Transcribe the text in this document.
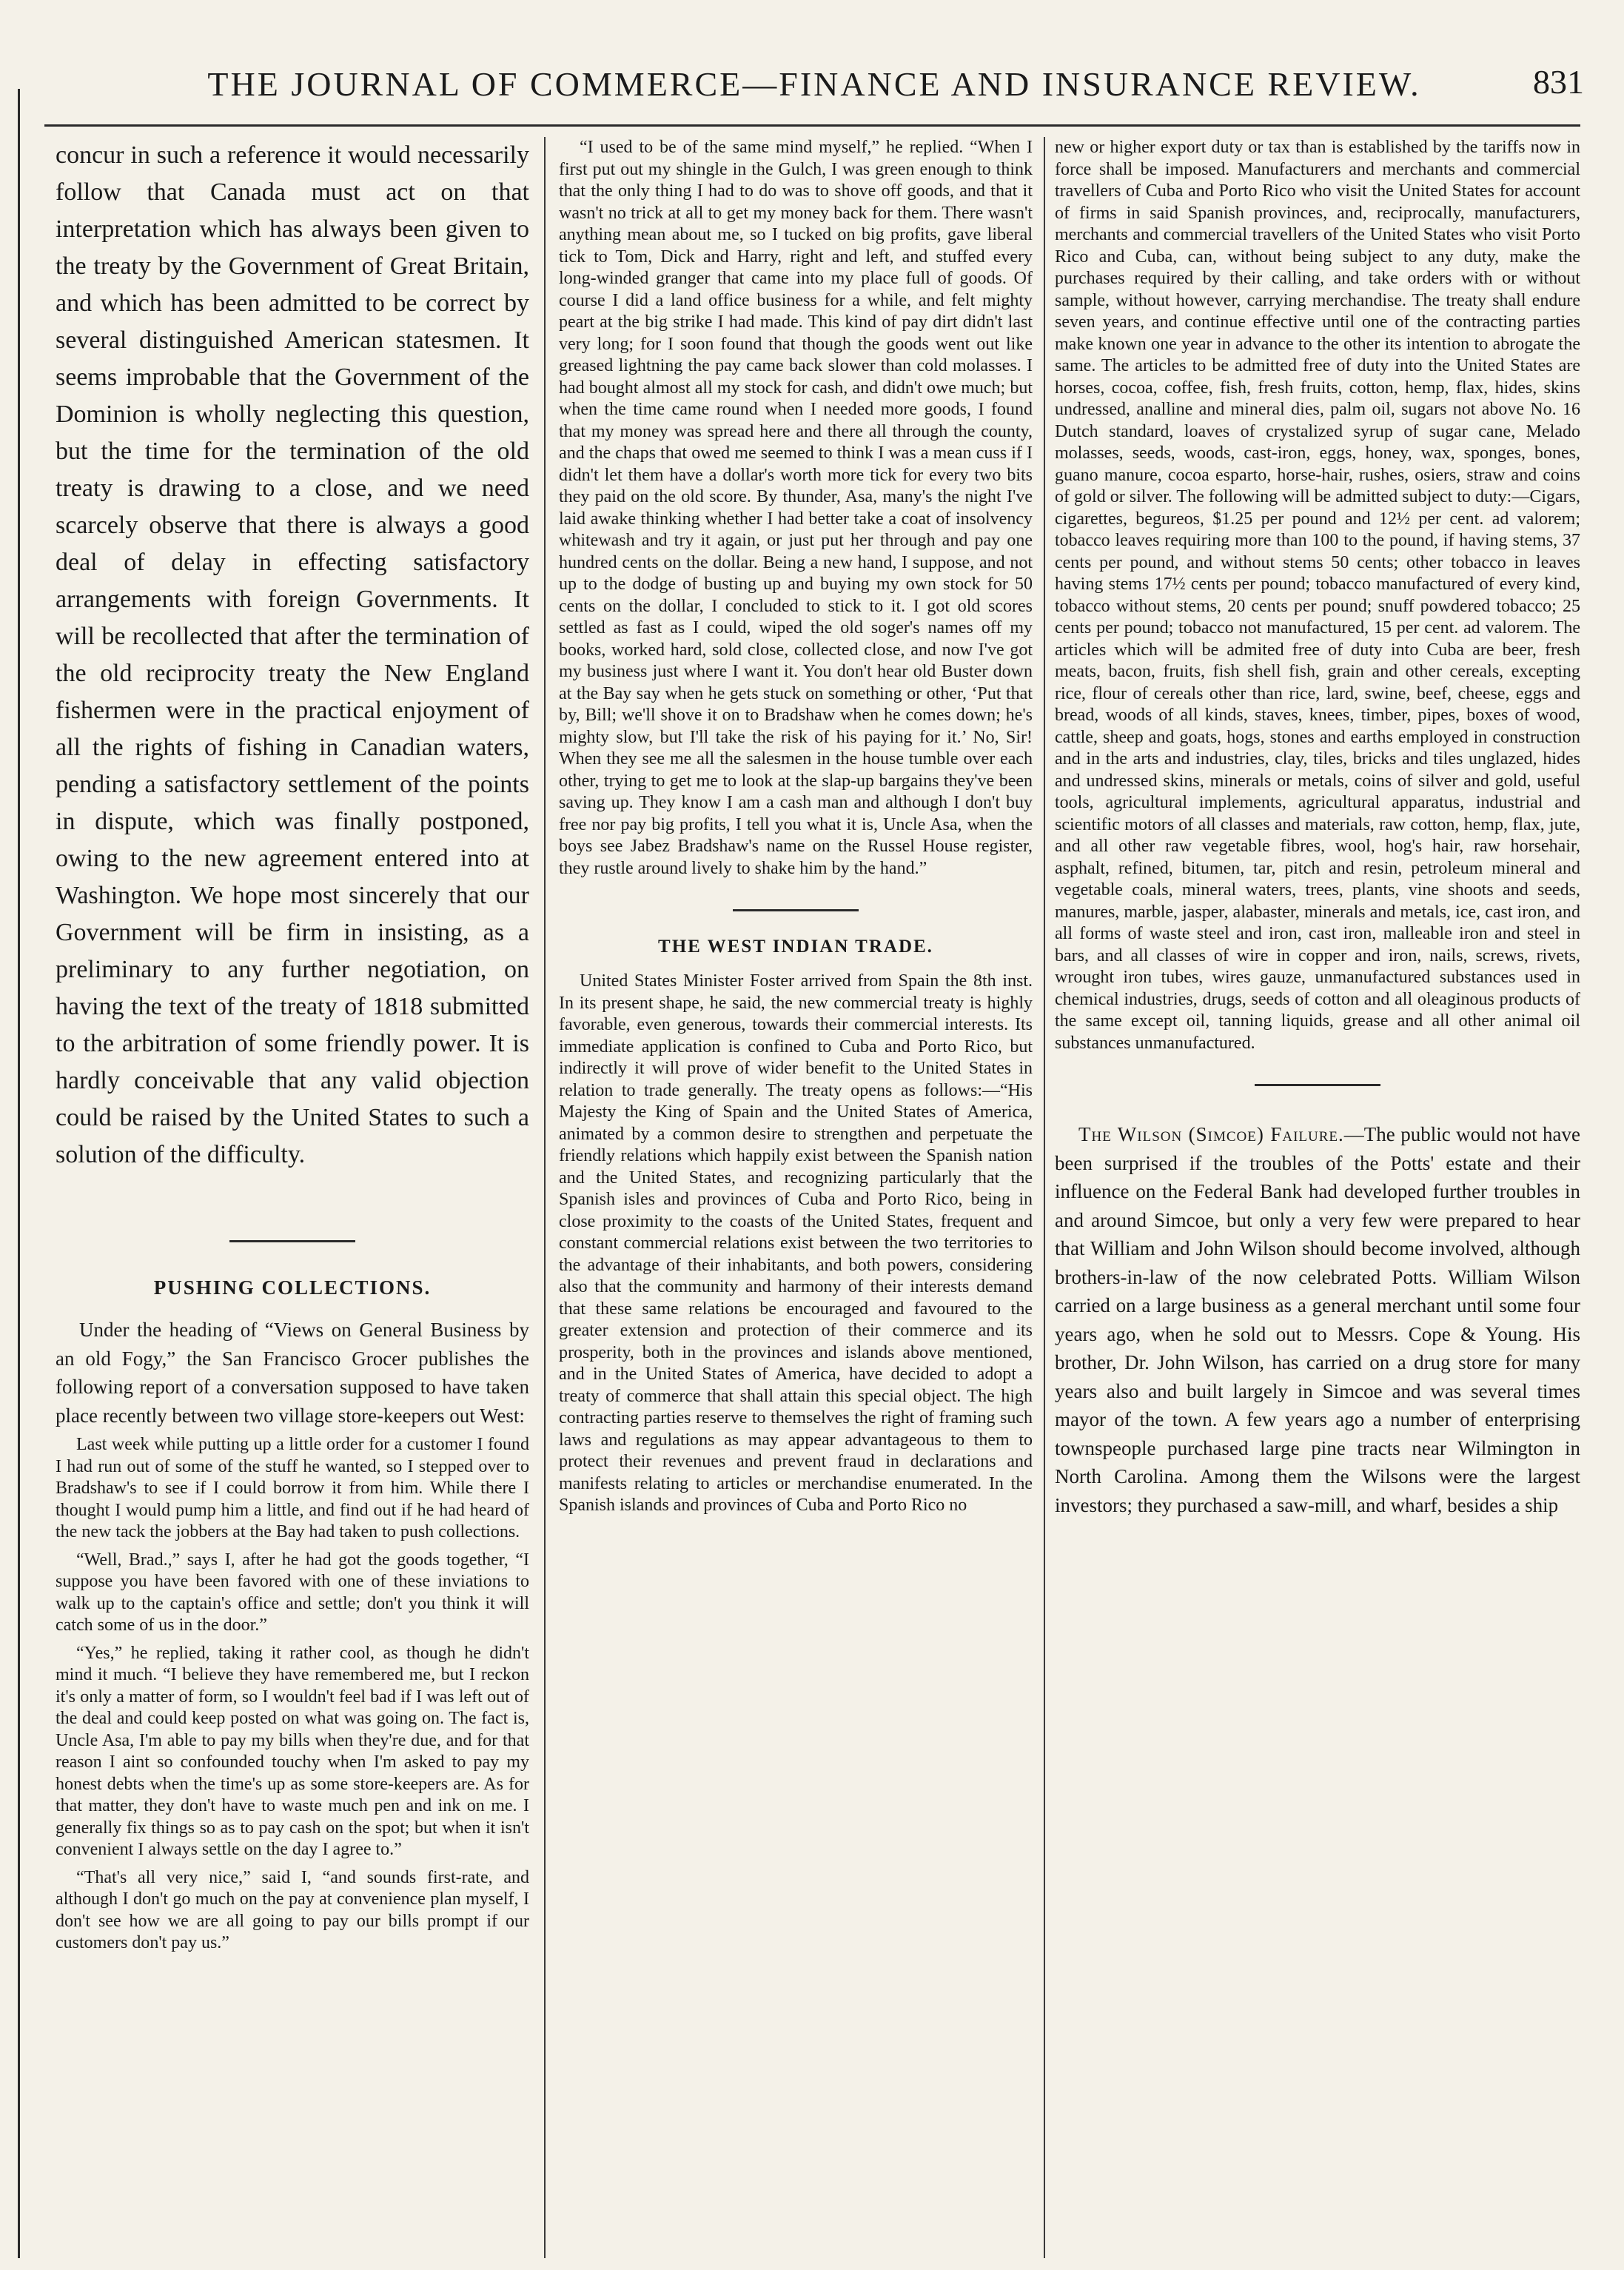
THE JOURNAL OF COMMERCE—FINANCE AND INSURANCE REVIEW.	831

concur in such a reference it would necessarily follow that Canada must act on that interpretation which has always been given to the treaty by the Government of Great Britain, and which has been admitted to be correct by several distinguished American statesmen. It seems improbable that the Government of the Dominion is wholly neglecting this question, but the time for the termination of the old treaty is drawing to a close, and we need scarcely observe that there is always a good deal of delay in effecting satisfactory arrangements with foreign Governments. It will be recollected that after the termination of the old reciprocity treaty the New England fishermen were in the practical enjoyment of all the rights of fishing in Canadian waters, pending a satisfactory settlement of the points in dispute, which was finally postponed, owing to the new agreement entered into at Washington. We hope most sincerely that our Government will be firm in insisting, as a preliminary to any further negotiation, on having the text of the treaty of 1818 submitted to the arbitration of some friendly power. It is hardly conceivable that any valid objection could be raised by the United States to such a solution of the difficulty.

PUSHING COLLECTIONS.

Under the heading of “Views on General Business by an old Fogy,” the San Francisco Grocer publishes the following report of a conversation supposed to have taken place recently between two village store-keepers out West:

Last week while putting up a little order for a customer I found I had run out of some of the stuff he wanted, so I stepped over to Bradshaw's to see if I could borrow it from him. While there I thought I would pump him a little, and find out if he had heard of the new tack the jobbers at the Bay had taken to push collections.

“Well, Brad.,” says I, after he had got the goods together, “I suppose you have been favored with one of these inviations to walk up to the captain's office and settle; don't you think it will catch some of us in the door.”

“Yes,” he replied, taking it rather cool, as though he didn't mind it much. “I believe they have remembered me, but I reckon it's only a matter of form, so I wouldn't feel bad if I was left out of the deal and could keep posted on what was going on. The fact is, Uncle Asa, I'm able to pay my bills when they're due, and for that reason I aint so confounded touchy when I'm asked to pay my honest debts when the time's up as some store-keepers are. As for that matter, they don't have to waste much pen and ink on me. I generally fix things so as to pay cash on the spot; but when it isn't convenient I always settle on the day I agree to.”

“That's all very nice,” said I, “and sounds first-rate, and although I don't go much on the pay at convenience plan myself, I don't see how we are all going to pay our bills prompt if our customers don't pay us.”

“I used to be of the same mind myself,” he replied. “When I first put out my shingle in the Gulch, I was green enough to think that the only thing I had to do was to shove off goods, and that it wasn't no trick at all to get my money back for them. There wasn't anything mean about me, so I tucked on big profits, gave liberal tick to Tom, Dick and Harry, right and left, and stuffed every long-winded granger that came into my place full of goods. Of course I did a land office business for a while, and felt mighty peart at the big strike I had made. This kind of pay dirt didn't last very long; for I soon found that though the goods went out like greased lightning the pay came back slower than cold molasses. I had bought almost all my stock for cash, and didn't owe much; but when the time came round when I needed more goods, I found that my money was spread here and there all through the county, and the chaps that owed me seemed to think I was a mean cuss if I didn't let them have a dollar's worth more tick for every two bits they paid on the old score. By thunder, Asa, many's the night I've laid awake thinking whether I had better take a coat of insolvency whitewash and try it again, or just put her through and pay one hundred cents on the dollar. Being a new hand, I suppose, and not up to the dodge of busting up and buying my own stock for 50 cents on the dollar, I concluded to stick to it. I got old scores settled as fast as I could, wiped the old soger's names off my books, worked hard, sold close, collected close, and now I've got my business just where I want it. You don't hear old Buster down at the Bay say when he gets stuck on something or other, ‘Put that by, Bill; we'll shove it on to Bradshaw when he comes down; he's mighty slow, but I'll take the risk of his paying for it.’ No, Sir! When they see me all the salesmen in the house tumble over each other, trying to get me to look at the slap-up bargains they've been saving up. They know I am a cash man and although I don't buy free nor pay big profits, I tell you what it is, Uncle Asa, when the boys see Jabez Bradshaw's name on the Russel House register, they rustle around lively to shake him by the hand.”

THE WEST INDIAN TRADE.

United States Minister Foster arrived from Spain the 8th inst. In its present shape, he said, the new commercial treaty is highly favorable, even generous, towards their commercial interests. Its immediate application is confined to Cuba and Porto Rico, but indirectly it will prove of wider benefit to the United States in relation to trade generally. The treaty opens as follows:—“His Majesty the King of Spain and the United States of America, animated by a common desire to strengthen and perpetuate the friendly relations which happily exist between the Spanish nation and the United States, and recognizing particularly that the Spanish isles and provinces of Cuba and Porto Rico, being in close proximity to the coasts of the United States, frequent and constant commercial relations exist between the two territories to the advantage of their inhabitants, and both powers, considering also that the community and harmony of their interests demand that these same relations be encouraged and favoured to the greater extension and protection of their commerce and its prosperity, both in the provinces and islands above mentioned, and in the United States of America, have decided to adopt a treaty of commerce that shall attain this special object. The high contracting parties reserve to themselves the right of framing such laws and regulations as may appear advantageous to them to protect their revenues and prevent fraud in declarations and manifests relating to articles or merchandise enumerated. In the Spanish islands and provinces of Cuba and Porto Rico no

new or higher export duty or tax than is established by the tariffs now in force shall be imposed. Manufacturers and merchants and commercial travellers of Cuba and Porto Rico who visit the United States for account of firms in said Spanish provinces, and, reciprocally, manufacturers, merchants and commercial travellers of the United States who visit Porto Rico and Cuba, can, without being subject to any duty, make the purchases required by their calling, and take orders with or without sample, without however, carrying merchandise. The treaty shall endure seven years, and continue effective until one of the contracting parties make known one year in advance to the other its intention to abrogate the same. The articles to be admitted free of duty into the United States are horses, cocoa, coffee, fish, fresh fruits, cotton, hemp, flax, hides, skins undressed, analline and mineral dies, palm oil, sugars not above No. 16 Dutch standard, loaves of crystalized syrup of sugar cane, Melado molasses, seeds, woods, cast-iron, eggs, honey, wax, sponges, bones, guano manure, cocoa esparto, horse-hair, rushes, osiers, straw and coins of gold or silver. The following will be admitted subject to duty:—Cigars, cigarettes, begureos, $1.25 per pound and 12½ per cent. ad valorem; tobacco leaves requiring more than 100 to the pound, if having stems, 37 cents per pound, and without stems 50 cents; other tobacco in leaves having stems 17½ cents per pound; tobacco manufactured of every kind, tobacco without stems, 20 cents per pound; snuff powdered tobacco; 25 cents per pound; tobacco not manufactured, 15 per cent. ad valorem. The articles which will be admited free of duty into Cuba are beer, fresh meats, bacon, fruits, fish shell fish, grain and other cereals, excepting rice, flour of cereals other than rice, lard, swine, beef, cheese, eggs and bread, woods of all kinds, staves, knees, timber, pipes, boxes of wood, cattle, sheep and goats, hogs, stones and earths employed in construction and in the arts and industries, clay, tiles, bricks and tiles unglazed, hides and undressed skins, minerals or metals, coins of silver and gold, useful tools, agricultural implements, agricultural apparatus, industrial and scientific motors of all classes and materials, raw cotton, hemp, flax, jute, and all other raw vegetable fibres, wool, hog's hair, raw horsehair, asphalt, refined, bitumen, tar, pitch and resin, petroleum mineral and vegetable coals, mineral waters, trees, plants, vine shoots and seeds, manures, marble, jasper, alabaster, minerals and metals, ice, cast iron, and all forms of waste steel and iron, cast iron, malleable iron and steel in bars, and all classes of wire in copper and iron, nails, screws, rivets, wrought iron tubes, wires gauze, unmanufactured substances used in chemical industries, drugs, seeds of cotton and all oleaginous products of the same except oil, tanning liquids, grease and all other animal oil substances unmanufactured.

The Wilson (Simcoe) Failure.—The public would not have been surprised if the troubles of the Potts' estate and their influence on the Federal Bank had developed further troubles in and around Simcoe, but only a very few were prepared to hear that William and John Wilson should become involved, although brothers-in-law of the now celebrated Potts. William Wilson carried on a large business as a general merchant until some four years ago, when he sold out to Messrs. Cope & Young. His brother, Dr. John Wilson, has carried on a drug store for many years also and built largely in Simcoe and was several times mayor of the town. A few years ago a number of enterprising townspeople purchased large pine tracts near Wilmington in North Carolina. Among them the Wilsons were the largest investors; they purchased a saw-mill, and wharf, besides a ship
